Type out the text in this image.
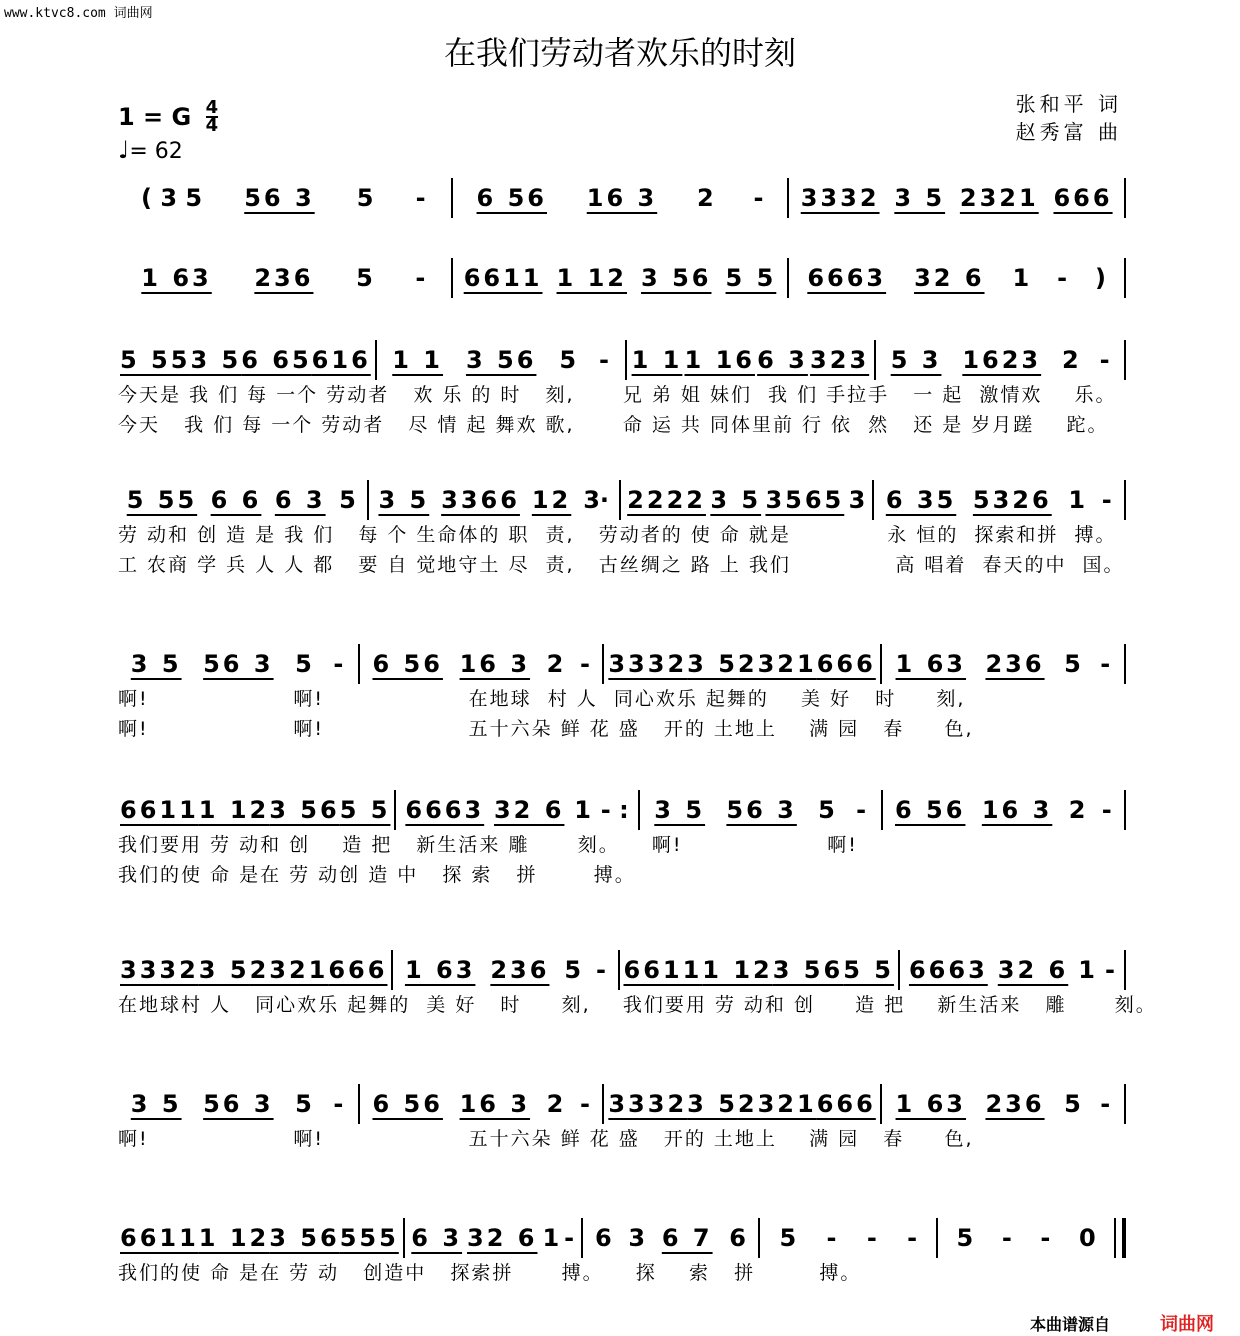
www.ktvc8.com 词曲网
在我们劳动者欢乐的时刻
张和平 词
赵秀富 曲
1 = G $\frac{4}{4}$
♩= 62
( 3 5 56 3 5 - 6 56 16 3 2 - 3332 3 5 2321 666
1 63 236 5 - 6611 1 12 3 56 5 5 6663 32 6 1 - )
5 55 3 5 6 65 616 1 1 3 56 5 - 1 1 1 16 6 3 323 5 3 1623 2 -
今天是 我 们 每 一个 劳动者   欢 乐 的 时   刻,      兄 弟 姐 妹们  我 们 手拉手   一 起  激情欢    乐。
今天   我 们 每 一个 劳动者   尽 情 起 舞欢 歌,      命 运 共 同体里前 行 依  然   还 是 岁月蹉    跎。
5 55 6 6 6 3 5 3 5 3366 12 3· 2222 3 5 3565 3 6 35 5326 1 -
劳 动和 创 造 是 我 们   每 个 生命体的 职  责,   劳动者的 使 命 就是            永 恒的  探索和拼  搏。
工 农商 学 兵 人 人 都   要 自 觉地守土 尽  责,   古丝绸之 路 上 我们             高 唱着  春天的中  国。
3 5 56 3 5 - 6 56 16 3 2 - 3332 3 5 2321 666 1 63 236 5 -
啊!                  啊!                  在地球  村 人  同心欢乐 起舞的    美 好   时     刻,
啊!                  啊!                  五十六朵 鲜 花 盛   开的 土地上    满 园   春     色,
6611 1 12 3 56 5 5 6663 32 6 1 - : 3 5 56 3 5 - 6 56 16 3 2 -
我们要用 劳 动和 创    造 把   新生活来 雕      刻。    啊!                  啊!
我们的使 命 是在 劳 动创 造 中   探 索   拼       搏。
3332 3 5 2321 666 1 63 236 5 - 6611 1 12 3 56 5 5 6663 32 6 1 -
在地球村 人   同心欢乐 起舞的  美 好   时     刻,    我们要用 劳 动和 创     造 把    新生活来   雕      刻。
3 5 56 3 5 - 6 56 16 3 2 - 3332 3 5 2321 666 1 63 236 5 -
啊!                  啊!                  五十六朵 鲜 花 盛   开的 土地上    满 园   春     色,
6611 1 12 3 56 555 6 3 32 6 1 - 6 3 6 7 6 5 - - - 5 - - 0
我们的使 命 是在 劳 动   创造中   探索拼      搏。    探    索   拼        搏。
本曲谱源自	词曲网
